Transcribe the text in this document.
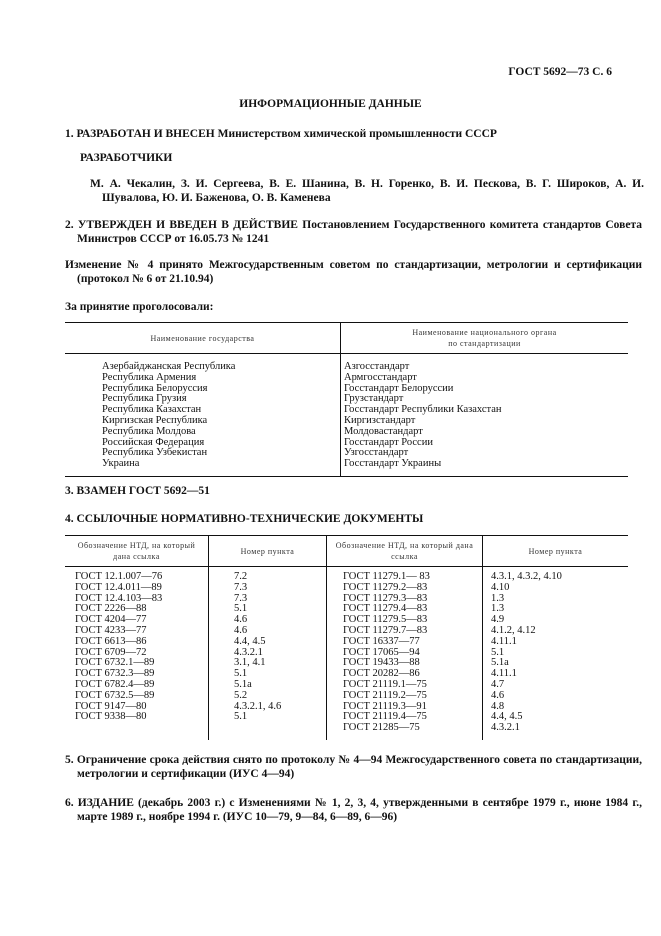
ГОСТ 5692—73 С. 6
ИНФОРМАЦИОННЫЕ ДАННЫЕ
1. РАЗРАБОТАН И ВНЕСЕН Министерством химической промышленности СССР
РАЗРАБОТЧИКИ
М. А. Чекалин, З. И. Сергеева, В. Е. Шанина, В. Н. Горенко, В. И. Пескова, В. Г. Широков, А. И. Шувалова, Ю. И. Баженова, О. В. Каменева
2. УТВЕРЖДЕН И ВВЕДЕН В ДЕЙСТВИЕ Постановлением Государственного комитета стандартов Совета Министров СССР от 16.05.73 № 1241
Изменение № 4 принято Межгосударственным советом по стандартизации, метрологии и сертификации (протокол № 6 от 21.10.94)
За принятие проголосовали:
Наименование государства	Наименование национального органа по стандартизации

Азербайджанская Республика	Азгосстандарт
Республика Армения	Армгосстандарт
Республика Белоруссия	Госстандарт Белоруссии
Республика Грузия	Грузстандарт
Республика Казахстан	Госстандарт Республики Казахстан
Киргизская Республика	Киргизстандарт
Республика Молдова	Молдовастандарт
Российская Федерация	Госстандарт России
Республика Узбекистан	Узгосстандарт
Украина	Госстандарт Украины

3. ВЗАМЕН ГОСТ 5692—51
4. ССЫЛОЧНЫЕ НОРМАТИВНО-ТЕХНИЧЕСКИЕ ДОКУМЕНТЫ
Обозначение НТД, на который дана ссылка	Номер пункта	Обозначение НТД, на который дана ссылка	Номер пункта

ГОСТ 12.1.007—76	7.2	ГОСТ 11279.1— 83	4.3.1, 4.3.2, 4.10
ГОСТ 12.4.011—89	7.3	ГОСТ 11279.2—83	4.10
ГОСТ 12.4.103—83	7.3	ГОСТ 11279.3—83	1.3
ГОСТ 2226—88	5.1	ГОСТ 11279.4—83	1.3
ГОСТ 4204—77	4.6	ГОСТ 11279.5—83	4.9
ГОСТ 4233—77	4.6	ГОСТ 11279.7—83	4.1.2, 4.12
ГОСТ 6613—86	4.4, 4.5	ГОСТ 16337—77	4.11.1
ГОСТ 6709—72	4.3.2.1	ГОСТ 17065—94	5.1
ГОСТ 6732.1—89	3.1, 4.1	ГОСТ 19433—88	5.1а
ГОСТ 6732.3—89	5.1	ГОСТ 20282—86	4.11.1
ГОСТ 6782.4—89	5.1а	ГОСТ 21119.1—75	4.7
ГОСТ 6732.5—89	5.2	ГОСТ 21119.2—75	4.6
ГОСТ 9147—80	4.3.2.1, 4.6	ГОСТ 21119.3—91	4.8
ГОСТ 9338—80	5.1	ГОСТ 21119.4—75	4.4, 4.5
		ГОСТ 21285—75	4.3.2.1

5. Ограничение срока действия снято по протоколу № 4—94 Межгосударственного совета по стандартизации, метрологии и сертификации (ИУС 4—94)
6. ИЗДАНИЕ (декабрь 2003 г.) с Изменениями № 1, 2, 3, 4, утвержденными в сентябре 1979 г., июне 1984 г., марте 1989 г., ноябре 1994 г. (ИУС 10—79, 9—84, 6—89, 6—96)
